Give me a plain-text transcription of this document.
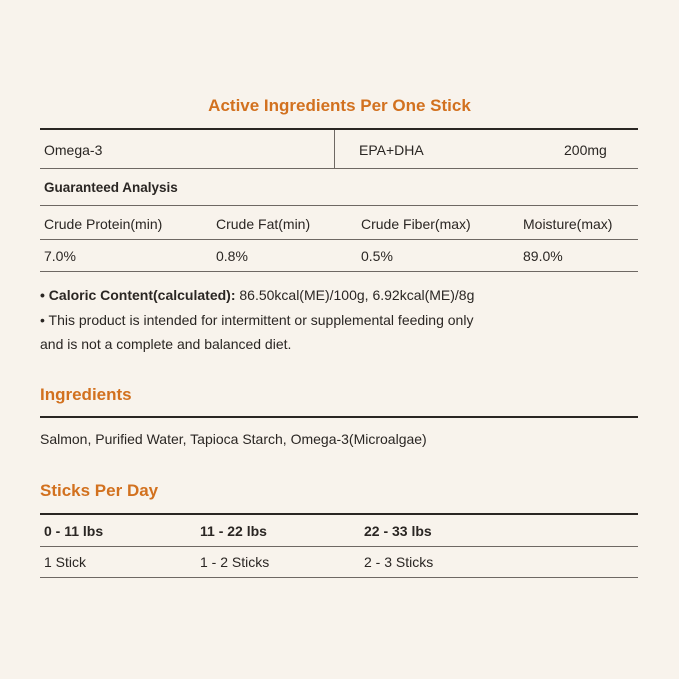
Active Ingredients Per One Stick
Omega-3	EPA+DHA	200mg
Guaranteed Analysis
Crude Protein(min)	Crude Fat(min)	Crude Fiber(max)	Moisture(max)
7.0%	0.8%	0.5%	89.0%
• Caloric Content(calculated): 86.50kcal(ME)/100g, 6.92kcal(ME)/8g
• This product is intended for intermittent or supplemental feeding only
and is not a complete and balanced diet.
Ingredients
Salmon, Purified Water, Tapioca Starch, Omega-3(Microalgae)
Sticks Per Day
0 - 11 lbs	11 - 22 lbs	22 - 33 lbs
1 Stick	1 - 2 Sticks	2 - 3 Sticks
